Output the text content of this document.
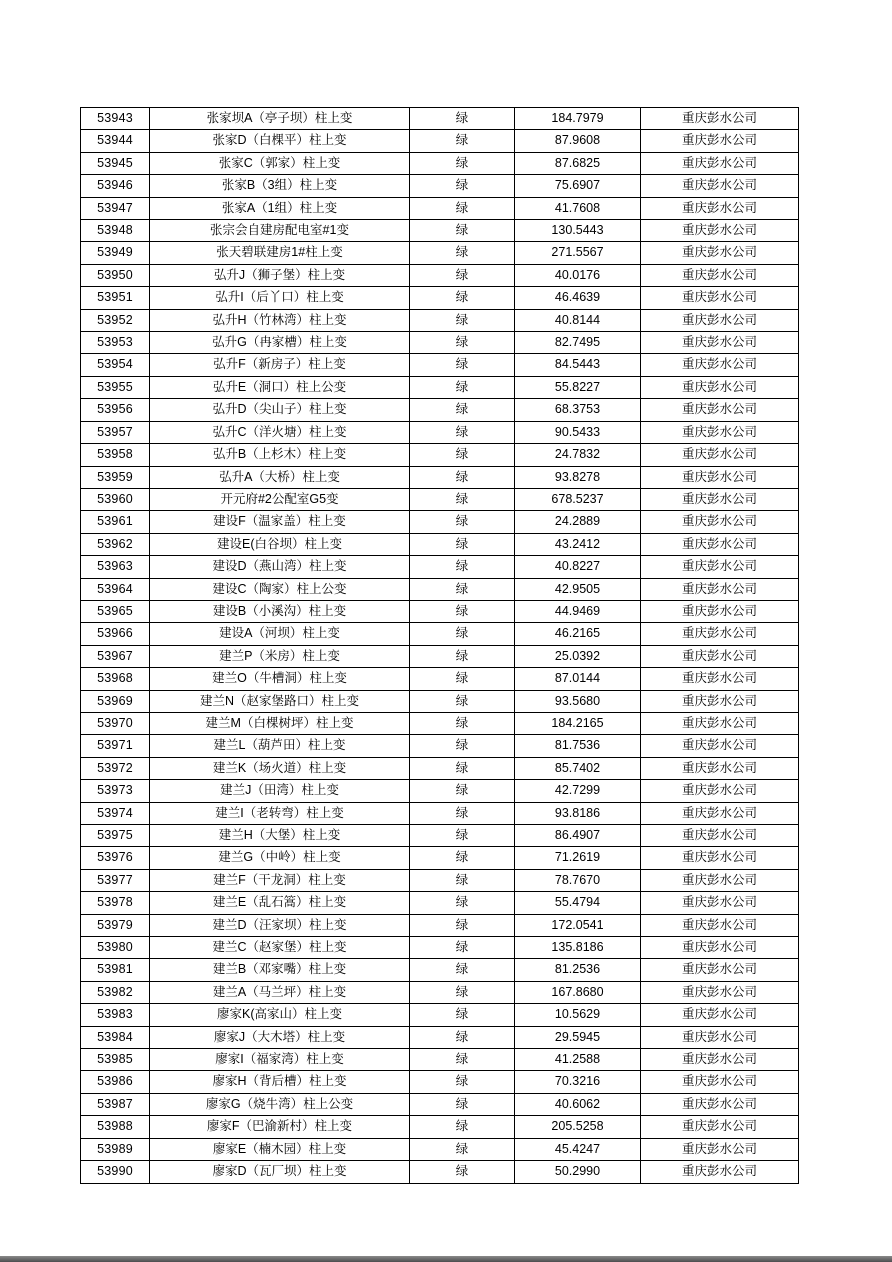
53943	张家坝A（亭子坝）柱上变	绿	184.7979	重庆彭水公司
53944	张家D（白棵平）柱上变	绿	87.9608	重庆彭水公司
53945	张家C（郭家）柱上变	绿	87.6825	重庆彭水公司
53946	张家B（3组）柱上变	绿	75.6907	重庆彭水公司
53947	张家A（1组）柱上变	绿	41.7608	重庆彭水公司
53948	张宗会自建房配电室#1变	绿	130.5443	重庆彭水公司
53949	张天碧联建房1#柱上变	绿	271.5567	重庆彭水公司
53950	弘升J（狮子堡）柱上变	绿	40.0176	重庆彭水公司
53951	弘升I（后丫口）柱上变	绿	46.4639	重庆彭水公司
53952	弘升H（竹林湾）柱上变	绿	40.8144	重庆彭水公司
53953	弘升G（冉家槽）柱上变	绿	82.7495	重庆彭水公司
53954	弘升F（新房子）柱上变	绿	84.5443	重庆彭水公司
53955	弘升E（洞口）柱上公变	绿	55.8227	重庆彭水公司
53956	弘升D（尖山子）柱上变	绿	68.3753	重庆彭水公司
53957	弘升C（洋火塘）柱上变	绿	90.5433	重庆彭水公司
53958	弘升B（上杉木）柱上变	绿	24.7832	重庆彭水公司
53959	弘升A（大桥）柱上变	绿	93.8278	重庆彭水公司
53960	开元府#2公配室G5变	绿	678.5237	重庆彭水公司
53961	建设F（温家盖）柱上变	绿	24.2889	重庆彭水公司
53962	建设E(白谷坝）柱上变	绿	43.2412	重庆彭水公司
53963	建设D（燕山湾）柱上变	绿	40.8227	重庆彭水公司
53964	建设C（陶家）柱上公变	绿	42.9505	重庆彭水公司
53965	建设B（小溪沟）柱上变	绿	44.9469	重庆彭水公司
53966	建设A（河坝）柱上变	绿	46.2165	重庆彭水公司
53967	建兰P（米房）柱上变	绿	25.0392	重庆彭水公司
53968	建兰O（牛槽洞）柱上变	绿	87.0144	重庆彭水公司
53969	建兰N（赵家堡路口）柱上变	绿	93.5680	重庆彭水公司
53970	建兰M（白棵树坪）柱上变	绿	184.2165	重庆彭水公司
53971	建兰L（葫芦田）柱上变	绿	81.7536	重庆彭水公司
53972	建兰K（场火道）柱上变	绿	85.7402	重庆彭水公司
53973	建兰J（田湾）柱上变	绿	42.7299	重庆彭水公司
53974	建兰I（老转弯）柱上变	绿	93.8186	重庆彭水公司
53975	建兰H（大堡）柱上变	绿	86.4907	重庆彭水公司
53976	建兰G（中岭）柱上变	绿	71.2619	重庆彭水公司
53977	建兰F（干龙洞）柱上变	绿	78.7670	重庆彭水公司
53978	建兰E（乱石篙）柱上变	绿	55.4794	重庆彭水公司
53979	建兰D（汪家坝）柱上变	绿	172.0541	重庆彭水公司
53980	建兰C（赵家堡）柱上变	绿	135.8186	重庆彭水公司
53981	建兰B（邓家嘴）柱上变	绿	81.2536	重庆彭水公司
53982	建兰A（马兰坪）柱上变	绿	167.8680	重庆彭水公司
53983	廖家K(高家山）柱上变	绿	10.5629	重庆彭水公司
53984	廖家J（大木塔）柱上变	绿	29.5945	重庆彭水公司
53985	廖家I（福家湾）柱上变	绿	41.2588	重庆彭水公司
53986	廖家H（背后槽）柱上变	绿	70.3216	重庆彭水公司
53987	廖家G（烧牛湾）柱上公变	绿	40.6062	重庆彭水公司
53988	廖家F（巴渝新村）柱上变	绿	205.5258	重庆彭水公司
53989	廖家E（楠木园）柱上变	绿	45.4247	重庆彭水公司
53990	廖家D（瓦厂坝）柱上变	绿	50.2990	重庆彭水公司
